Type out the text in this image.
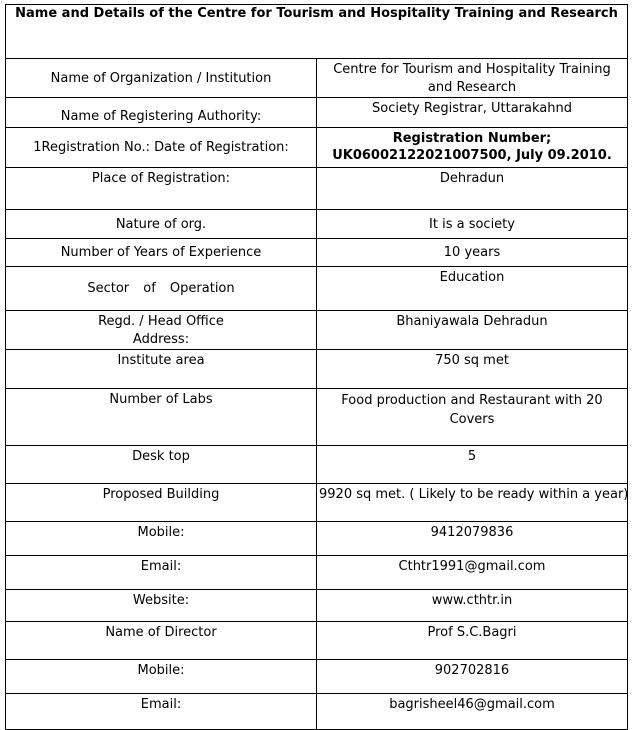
ⁱ
Name and Details of the Centre for Tourism and Hospitality Training and Research	
Name of Organization / Institution	Centre for Tourism and Hospitality Training and Research
Name of Registering Authority:	Society Registrar, Uttarakahnd
1Registration No.: Date of Registration:	Registration Number; UK06002122021007500, July 09.2010.
Place of Registration:	Dehradun
Nature of org.	It is a society
Number of Years of Experience	10 years
Sector of Operation	Education
Regd. / Head Office
Address:	Bhaniyawala Dehradun
Institute area	750 sq met
Number of Labs	Food production and Restaurant with 20 Covers
Desk top	5
Proposed Building	9920 sq met. ( Likely to be ready within a year)
Mobile:	9412079836
Email:	Cthtr1991@gmail.com
Website:	www.cthtr.in
Name of Director	Prof S.C.Bagri
Mobile:	902702816
Email:	bagrisheel46@gmail.com
